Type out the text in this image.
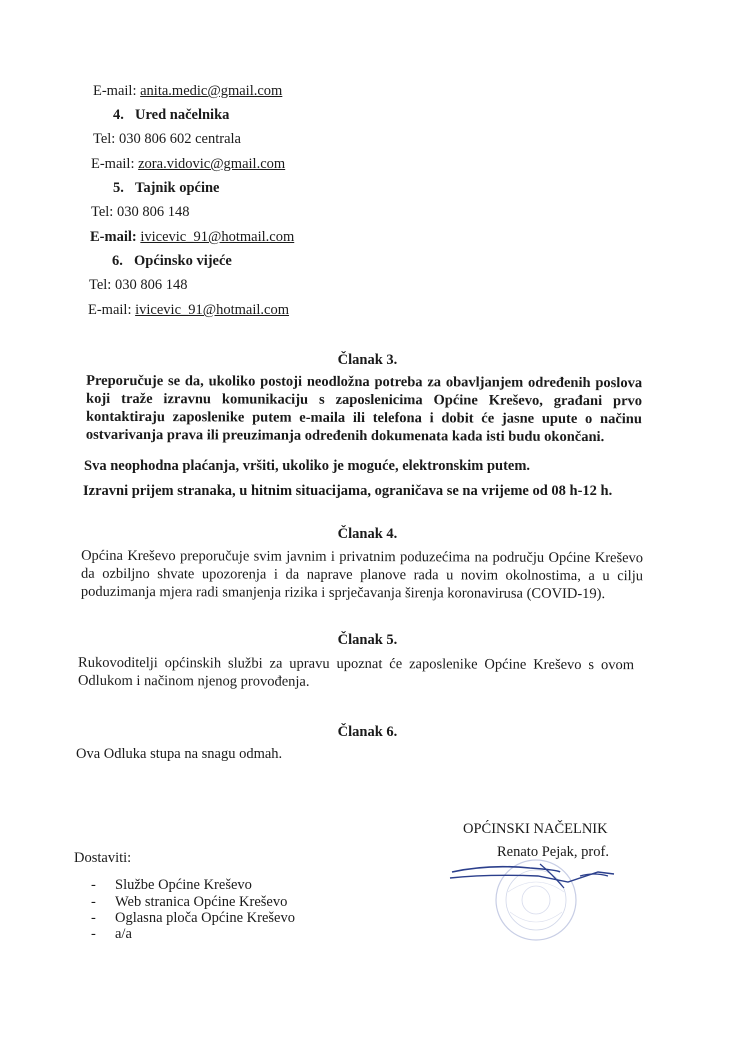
E-mail: anita.medic@gmail.com
4. Ured načelnika
Tel: 030 806 602 centrala
E-mail: zora.vidovic@gmail.com
5. Tajnik općine
Tel: 030 806 148
E-mail: ivicevic_91@hotmail.com
6. Općinsko vijeće
Tel: 030 806 148
E-mail: ivicevic_91@hotmail.com
Članak 3.
Preporučuje se da, ukoliko postoji neodložna potreba za obavljanjem određenih poslova
koji traže izravnu komunikaciju s zaposlenicima Općine Kreševo, građani prvo
kontaktiraju zaposlenike putem e-maila ili telefona i dobit će jasne upute o načinu
ostvarivanja prava ili preuzimanja određenih dokumenata kada isti budu okončani.
Sva neophodna plaćanja, vršiti, ukoliko je moguće, elektronskim putem.
Izravni prijem stranaka, u hitnim situacijama, ograničava se na vrijeme od 08 h-12 h.
Članak 4.
Općina Kreševo preporučuje svim javnim i privatnim poduzećima na području Općine Kreševo
da ozbiljno shvate upozorenja i da naprave planove rada u novim okolnostima, a u cilju
poduzimanja mjera radi smanjenja rizika i sprječavanja širenja koronavirusa (COVID-19).
Članak 5.
Rukovoditelji općinskih službi za upravu upoznat će zaposlenike Općine Kreševo s ovom
Odlukom i načinom njenog provođenja.
Članak 6.
Ova Odluka stupa na snagu odmah.
OPĆINSKI NAČELNIK
Renato Pejak, prof.
Dostaviti:
- Službe Općine Kreševo
- Web stranica Općine Kreševo
- Oglasna ploča Općine Kreševo
- a/a
